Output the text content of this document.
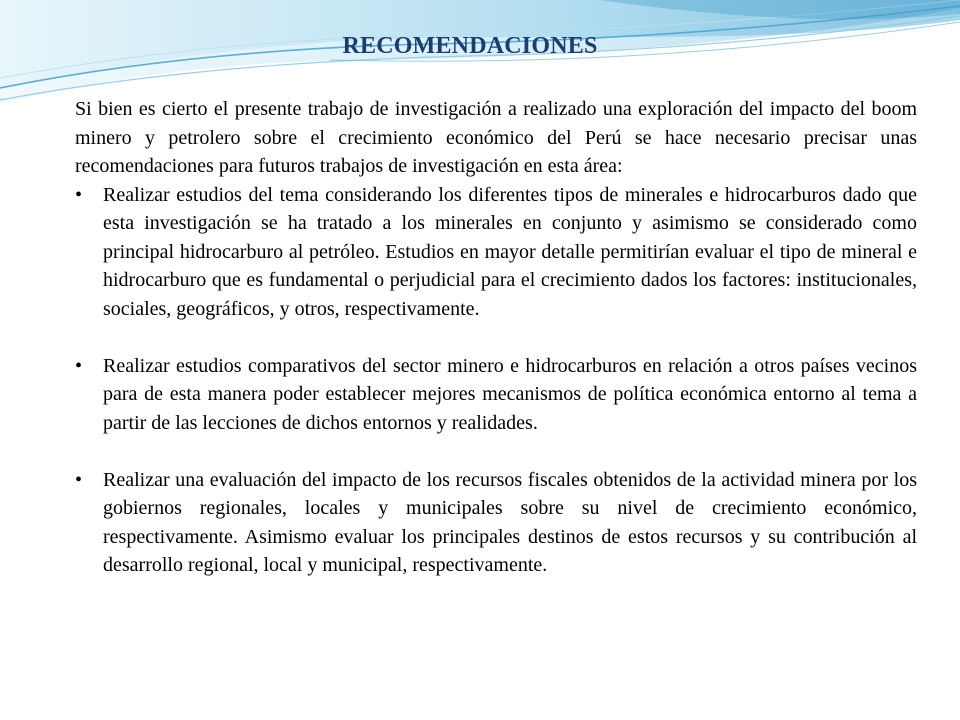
RECOMENDACIONES

Si bien es cierto el presente trabajo de investigación a realizado una exploración del impacto del boom minero y petrolero sobre el crecimiento económico del Perú se hace necesario precisar unas recomendaciones para futuros trabajos de investigación en esta área:

• Realizar estudios del tema considerando los diferentes tipos de minerales e hidrocarburos dado que esta investigación se ha tratado a los minerales en conjunto y asimismo se considerado como principal hidrocarburo al petróleo. Estudios en mayor detalle permitirían evaluar el tipo de mineral e hidrocarburo que es fundamental o perjudicial para el crecimiento dados los factores: institucionales, sociales, geográficos, y otros, respectivamente.
• Realizar estudios comparativos del sector minero e hidrocarburos en relación a otros países vecinos para de esta manera poder establecer mejores mecanismos de política económica entorno al tema a partir de las lecciones de dichos entornos y realidades.
• Realizar una evaluación del impacto de los recursos fiscales obtenidos de la actividad minera por los gobiernos regionales, locales y municipales sobre su nivel de crecimiento económico, respectivamente. Asimismo evaluar los principales destinos de estos recursos y su contribución al desarrollo regional, local y municipal, respectivamente.
